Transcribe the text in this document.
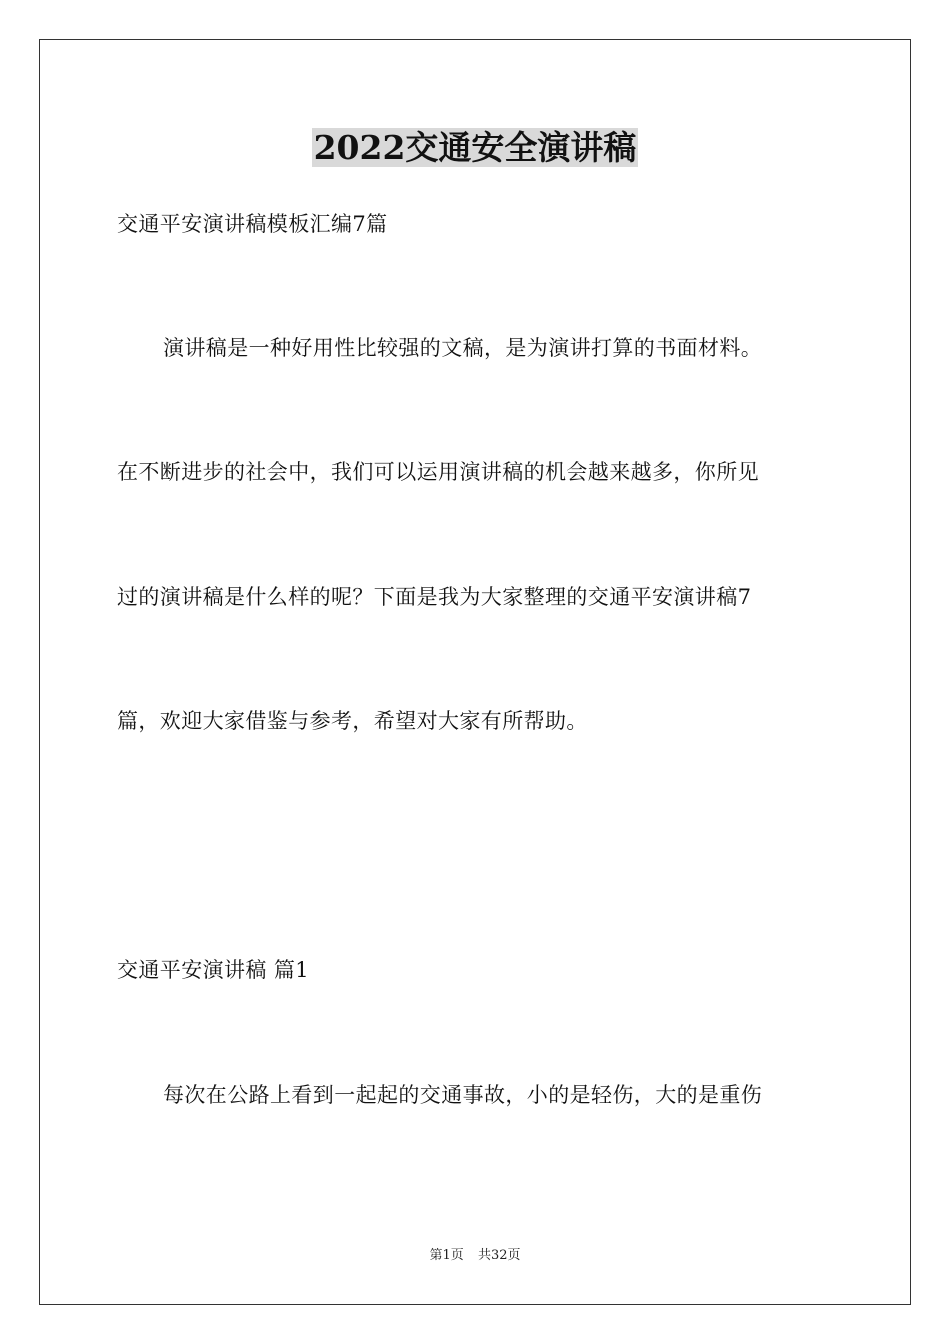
2022交通安全演讲稿

交通平安演讲稿模板汇编7篇

演讲稿是一种好用性比较强的文稿，是为演讲打算的书面材料。

在不断进步的社会中，我们可以运用演讲稿的机会越来越多，你所见

过的演讲稿是什么样的呢？下面是我为大家整理的交通平安演讲稿7

篇，欢迎大家借鉴与参考，希望对大家有所帮助。

交通平安演讲稿 篇1

每次在公路上看到一起起的交通事故，小的是轻伤，大的是重伤

第1页 共32页
